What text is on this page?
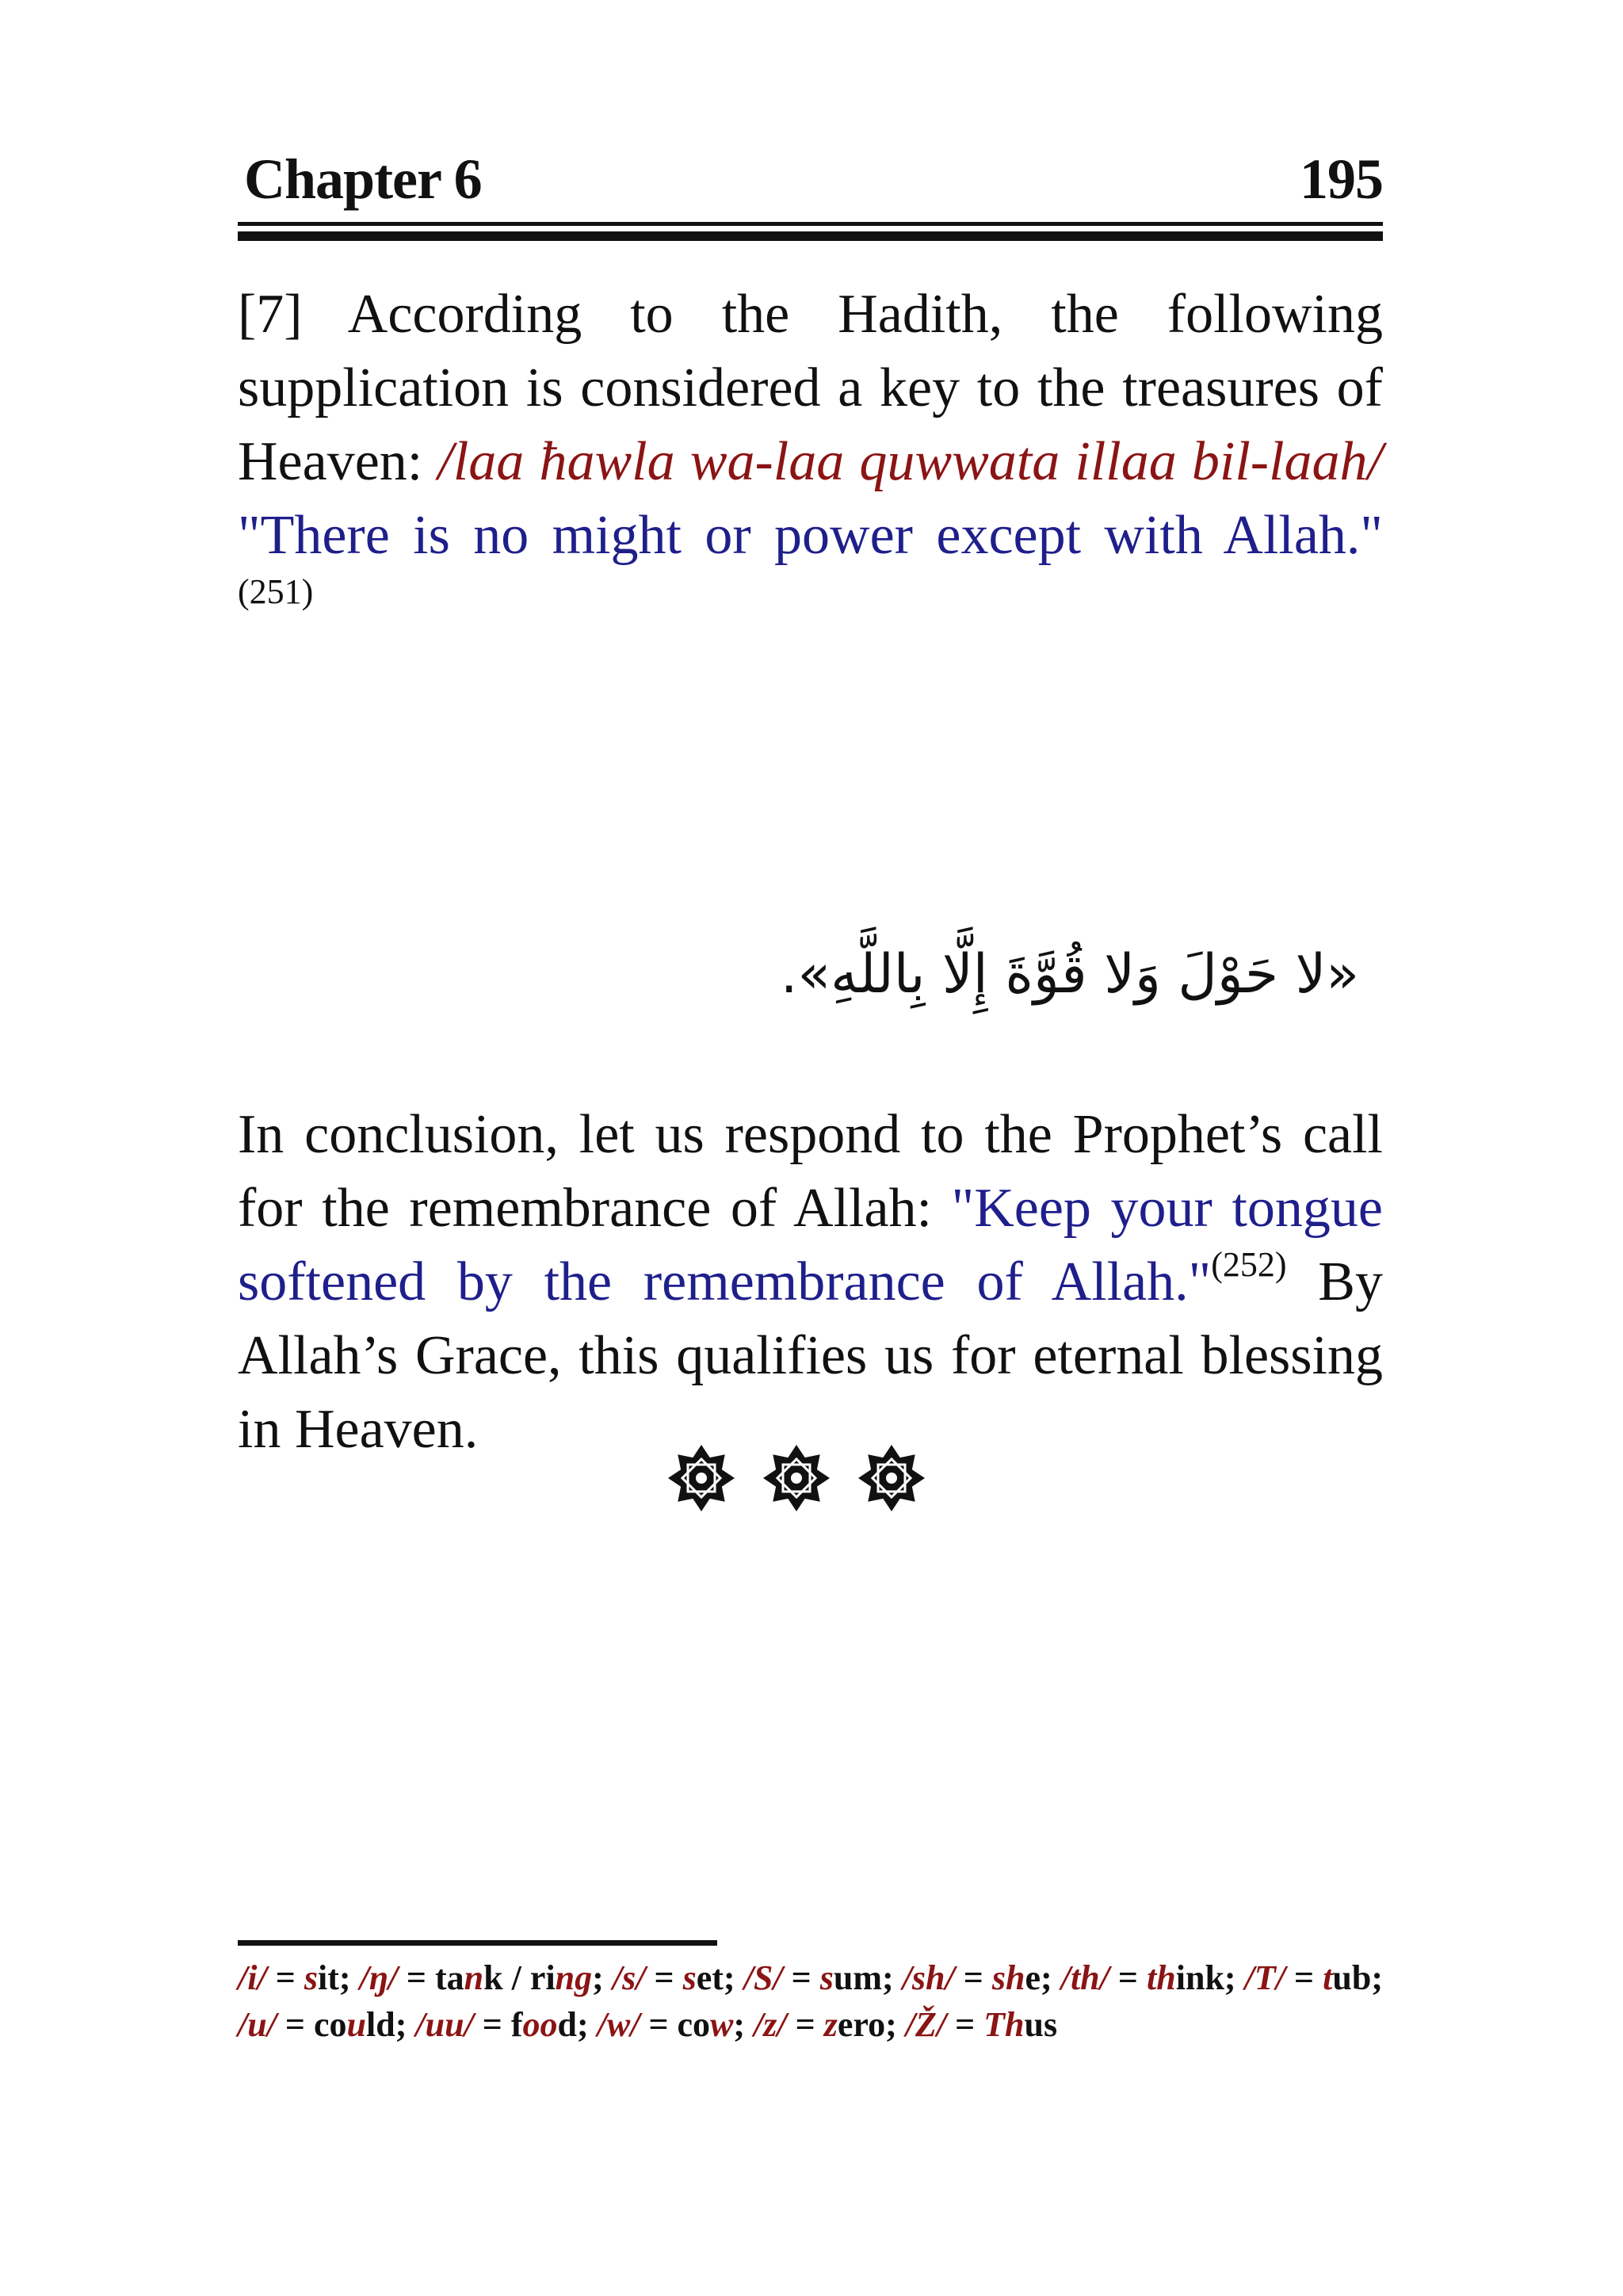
Chapter 6	195
[7] According to the Hadith, the following supplication is considered a key to the treasures of Heaven: /laa ħawla wa-laa quwwata illaa bil-laah/ "There is no might or power except with Allah."$^{(251)}$
«لا حَوْلَ وَلا قُوَّةَ إِلَّا بِاللَّهِ».
In conclusion, let us respond to the Prophet’s call for the remembrance of Allah: "Keep your tongue softened by the remembrance of Allah."$^{(252)}$ By Allah’s Grace, this qualifies us for eternal blessing in Heaven.
/i/ = sit; /ŋ/ = tank / ring; /s/ = set; /S/ = sum; /sh/ = she; /th/ = think; /T/ = tub; /u/ = could; /uu/ = food; /w/ = cow; /z/ = zero; /Ž/ = Thus
